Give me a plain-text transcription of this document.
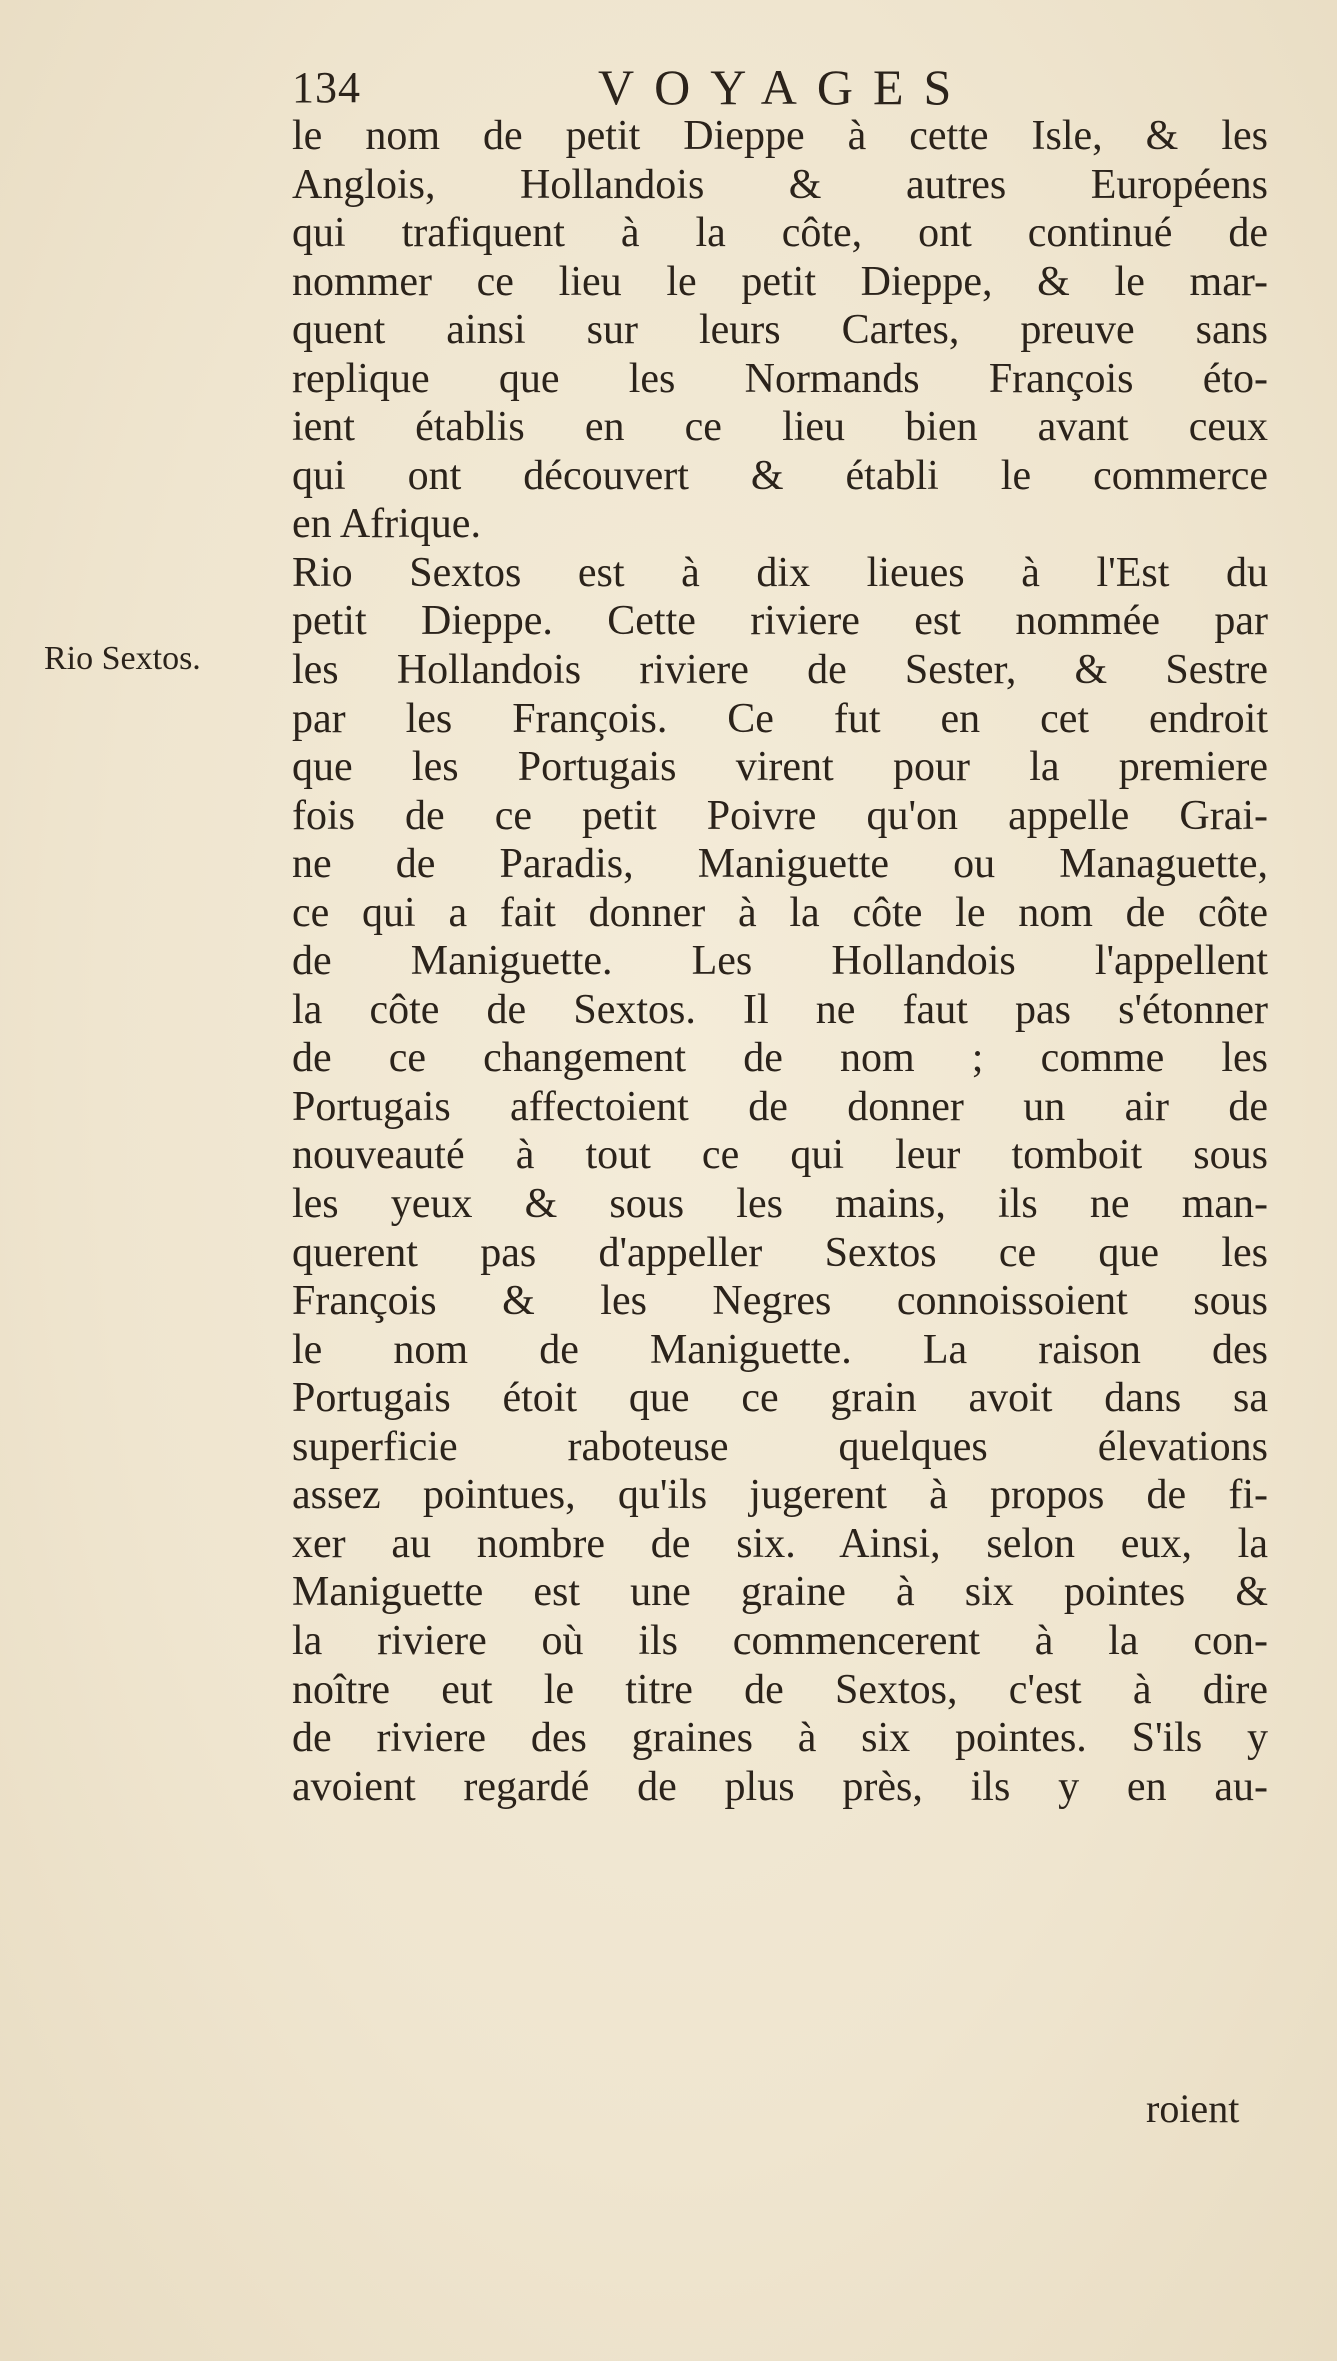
134	VOYAGES
Rio Sextos.
le nom de petit Dieppe à cette Isle, & les
Anglois, Hollandois & autres Européens
qui trafiquent à la côte, ont continué de
nommer ce lieu le petit Dieppe, & le mar-
quent ainsi sur leurs Cartes, preuve sans
replique que les Normands François éto-
ient établis en ce lieu bien avant ceux
qui ont découvert & établi le commerce
en Afrique.
Rio Sextos est à dix lieues à l'Est du
petit Dieppe. Cette riviere est nommée par
les Hollandois riviere de Sester, & Sestre
par les François. Ce fut en cet endroit
que les Portugais virent pour la premiere
fois de ce petit Poivre qu'on appelle Grai-
ne de Paradis, Maniguette ou Managuette,
ce qui a fait donner à la côte le nom de côte
de Maniguette. Les Hollandois l'appellent
la côte de Sextos. Il ne faut pas s'étonner
de ce changement de nom ; comme les
Portugais affectoient de donner un air de
nouveauté à tout ce qui leur tomboit sous
les yeux & sous les mains, ils ne man-
querent pas d'appeller Sextos ce que les
François & les Negres connoissoient sous
le nom de Maniguette. La raison des
Portugais étoit que ce grain avoit dans sa
superficie raboteuse quelques élevations
assez pointues, qu'ils jugerent à propos de fi-
xer au nombre de six. Ainsi, selon eux, la
Maniguette est une graine à six pointes &
la riviere où ils commencerent à la con-
noître eut le titre de Sextos, c'est à dire
de riviere des graines à six pointes. S'ils y
avoient regardé de plus près, ils y en au-
roient
